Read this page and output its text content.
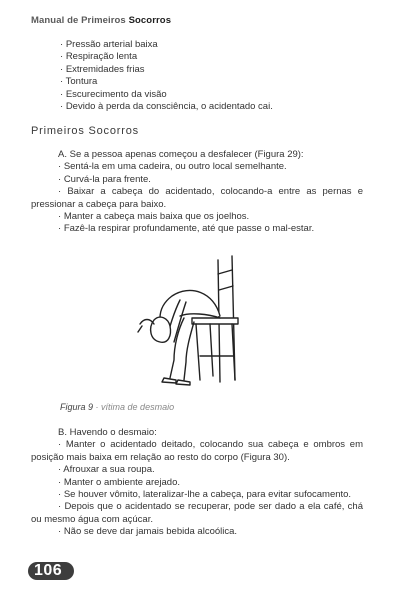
Manual de Primeiros Socorros
· Pressão arterial baixa
· Respiração lenta
· Extremidades frias
· Tontura
· Escurecimento da visão
· Devido à perda da consciência, o acidentado cai.
Primeiros Socorros
A. Se a pessoa apenas começou a desfalecer (Figura 29):
· Sentá-la em uma cadeira, ou outro local semelhante.
· Curvá-la para frente.
· Baixar a cabeça do acidentado, colocando-a entre as pernas e pressionar a cabeça para baixo.
· Manter a cabeça mais baixa que os joelhos.
· Fazê-la respirar profundamente, até que passe o mal-estar.
Figura 9 · vítima de desmaio
B. Havendo o desmaio:
· Manter o acidentado deitado, colocando sua cabeça e ombros em posição mais baixa em relação ao resto do corpo (Figura 30).
· Afrouxar a sua roupa.
· Manter o ambiente arejado.
· Se houver vômito, lateralizar-lhe a cabeça, para evitar sufocamento.
· Depois que o acidentado se recuperar, pode ser dado a ela café, chá ou mesmo água com açúcar.
· Não se deve dar jamais bebida alcoólica.
106
